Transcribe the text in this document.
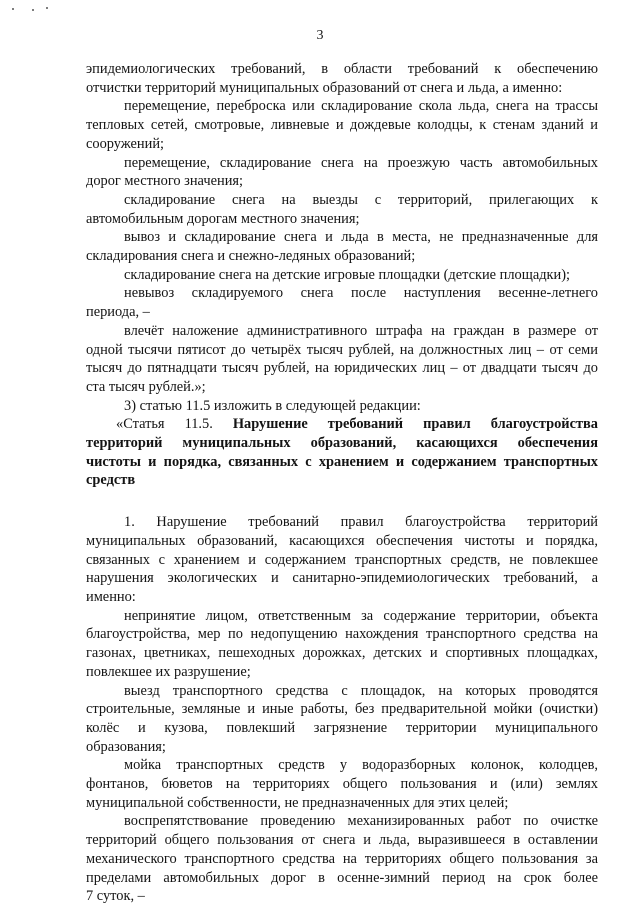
3
эпидемиологических требований, в области требований к обеспечению
отчистки территорий муниципальных образований от снега и льда, а именно:
перемещение, переброска или складирование скола льда, снега на трассы
тепловых сетей, смотровые, ливневые и дождевые колодцы, к стенам зданий и
сооружений;
перемещение, складирование снега на проезжую часть автомобильных
дорог местного значения;
складирование снега на выезды с территорий, прилегающих к
автомобильным дорогам местного значения;
вывоз и складирование снега и льда в места, не предназначенные для
складирования снега и снежно-ледяных образований;
складирование снега на детские игровые площадки (детские площадки);
невывоз складируемого снега после наступления весенне-летнего
периода, –
влечёт наложение административного штрафа на граждан в размере от
одной тысячи пятисот до четырёх тысяч рублей, на должностных лиц – от семи
тысяч до пятнадцати тысяч рублей, на юридических лиц – от двадцати тысяч до
ста тысяч рублей.»;
3) статью 11.5 изложить в следующей редакции:
«Статья 11.5. Нарушение требований правил благоустройства
территорий муниципальных образований, касающихся обеспечения
чистоты и порядка, связанных с хранением и содержанием транспортных
средств
1. Нарушение требований правил благоустройства территорий
муниципальных образований, касающихся обеспечения чистоты и порядка,
связанных с хранением и содержанием транспортных средств, не повлекшее
нарушения экологических и санитарно-эпидемиологических требований, а
именно:
непринятие лицом, ответственным за содержание территории, объекта
благоустройства, мер по недопущению нахождения транспортного средства на
газонах, цветниках, пешеходных дорожках, детских и спортивных площадках,
повлекшее их разрушение;
выезд транспортного средства с площадок, на которых проводятся
строительные, земляные и иные работы, без предварительной мойки (очистки)
колёс и кузова, повлекший загрязнение территории муниципального
образования;
мойка транспортных средств у водоразборных колонок, колодцев,
фонтанов, бюветов на территориях общего пользования и (или) землях
муниципальной собственности, не предназначенных для этих целей;
воспрепятствование проведению механизированных работ по очистке
территорий общего пользования от снега и льда, выразившееся в оставлении
механического транспортного средства на территориях общего пользования за
пределами автомобильных дорог в осенне-зимний период на срок более
7 суток, –
